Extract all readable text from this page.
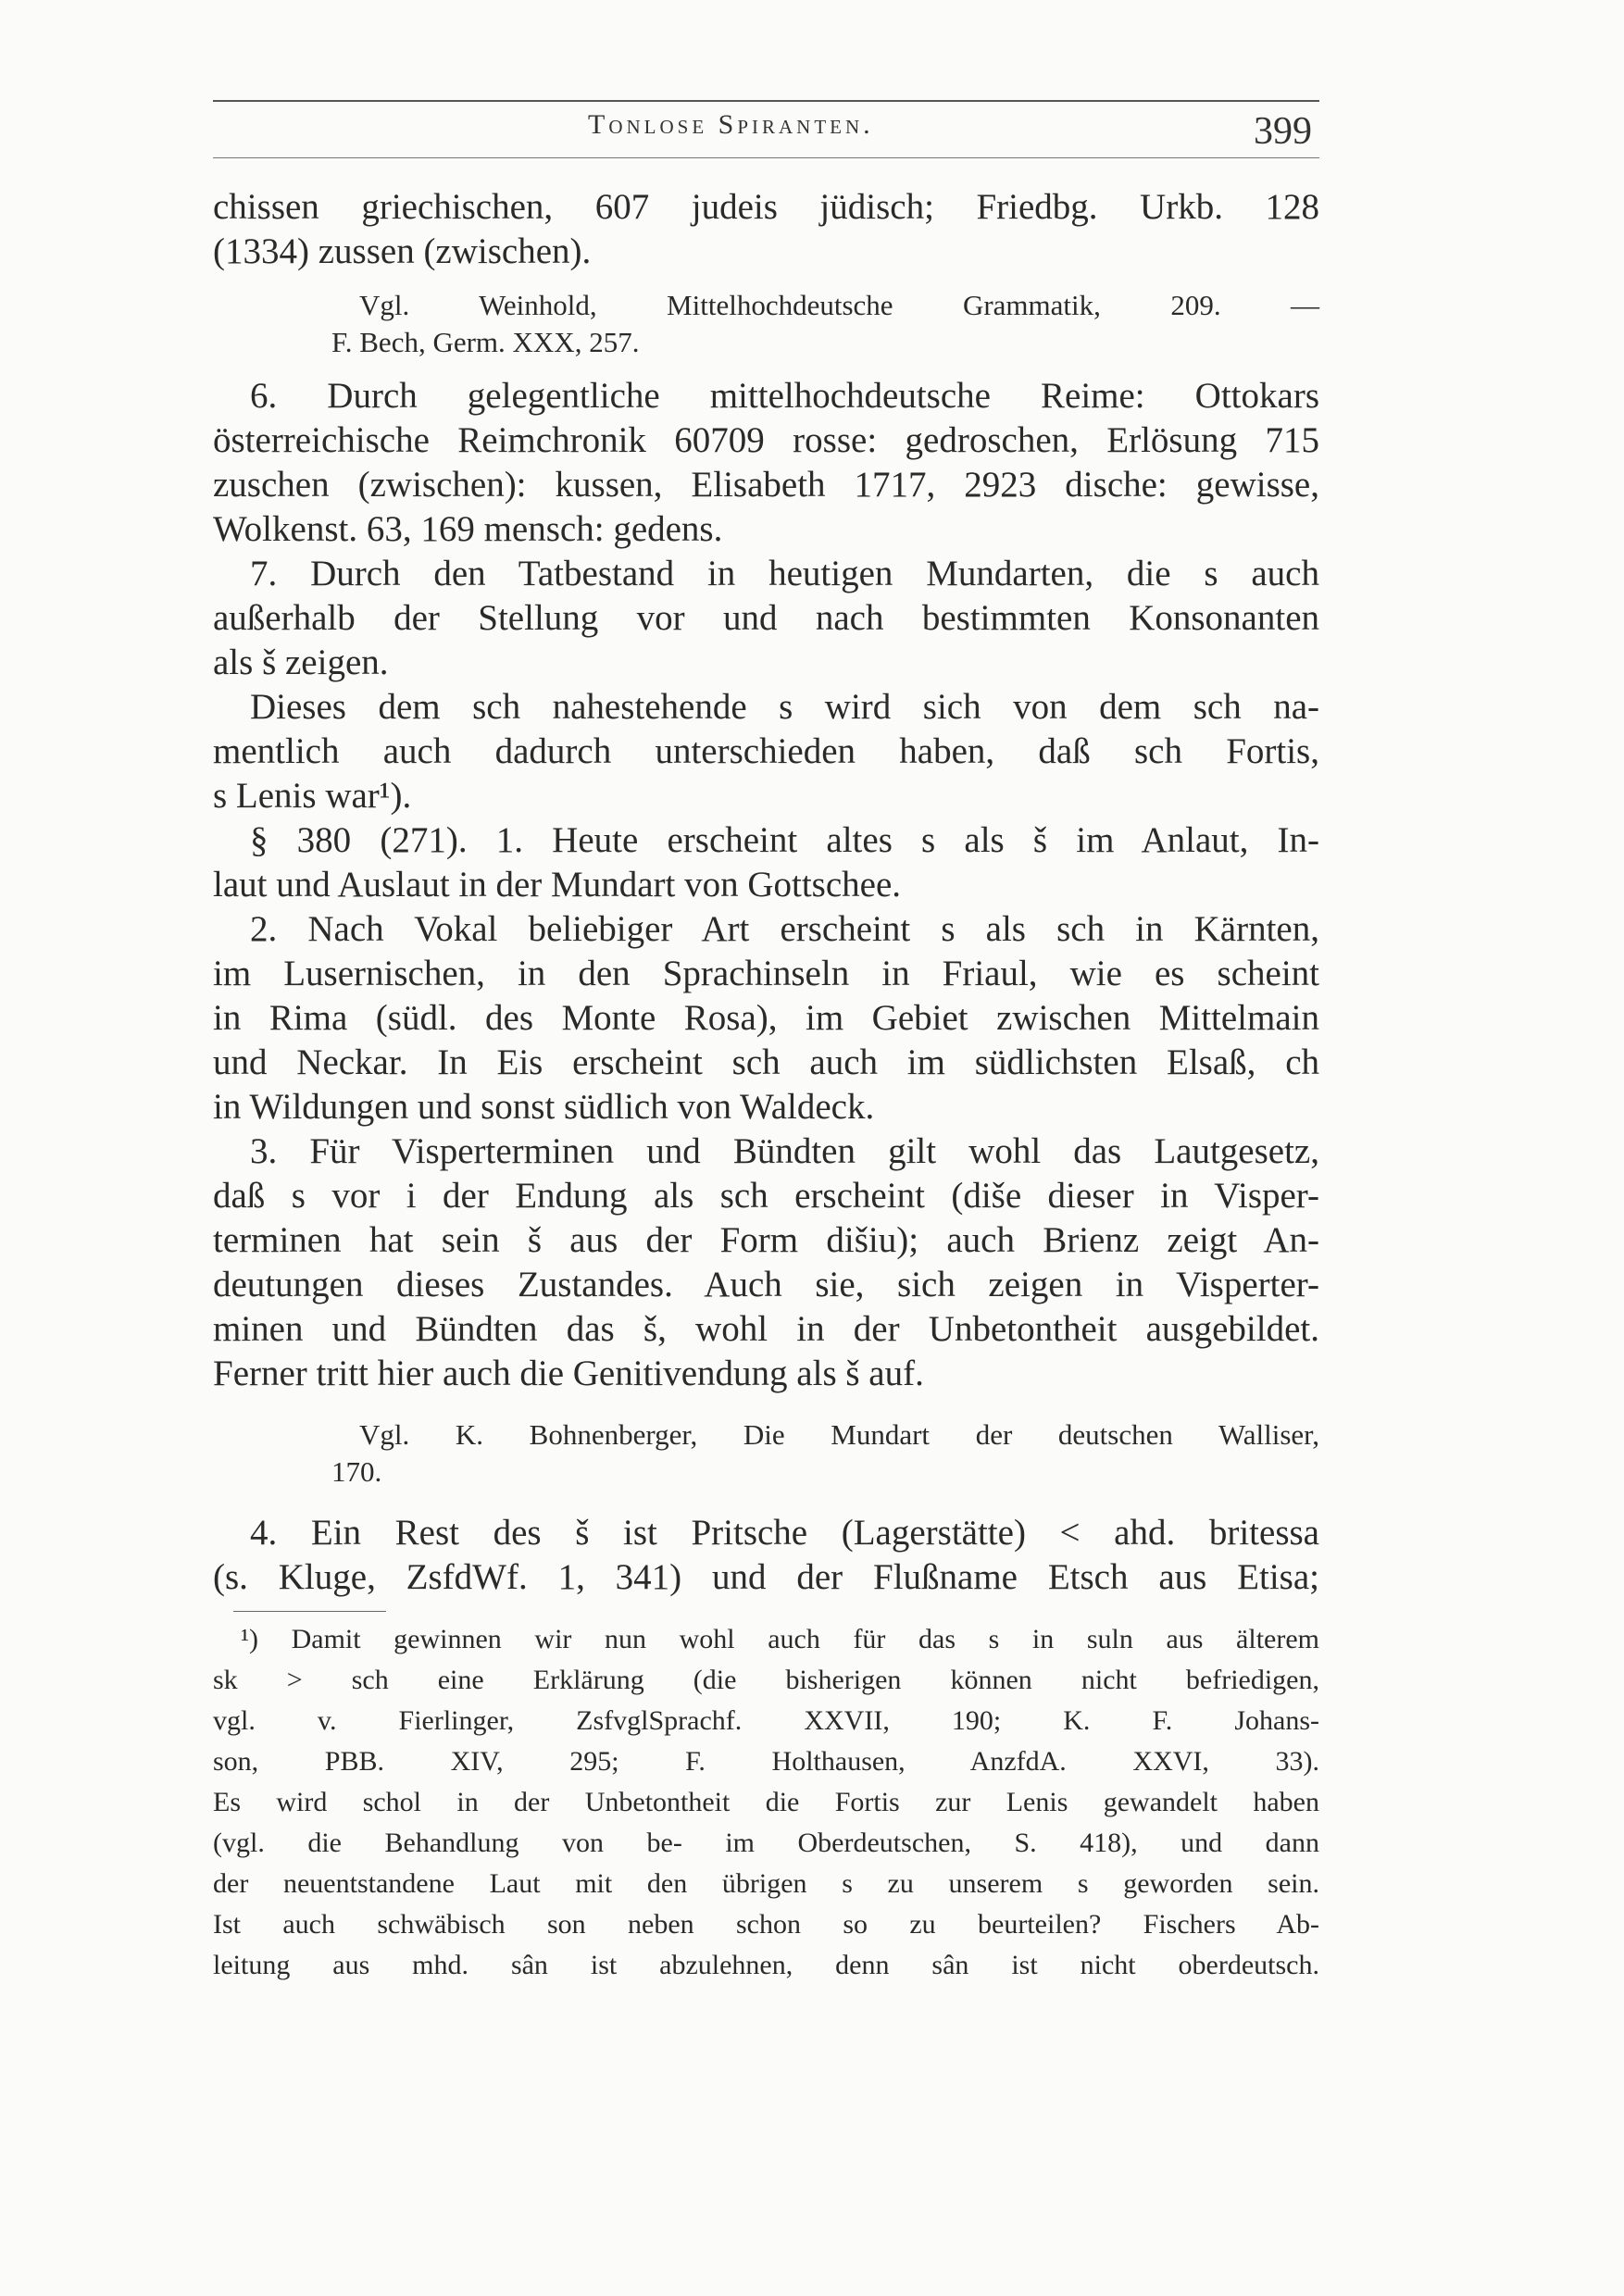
Tonlose Spiranten.	399
chissen griechischen, 607 judeis jüdisch; Friedbg. Urkb. 128
(1334) zussen (zwischen).
Vgl. Weinhold, Mittelhochdeutsche Grammatik, 209. —
F. Bech, Germ. XXX, 257.
6. Durch gelegentliche mittelhochdeutsche Reime: Ottokars
österreichische Reimchronik 60709 rosse: gedroschen, Erlösung 715
zuschen (zwischen): kussen, Elisabeth 1717, 2923 dische: gewisse,
Wolkenst. 63, 169 mensch: gedens.
7. Durch den Tatbestand in heutigen Mundarten, die s auch
außerhalb der Stellung vor und nach bestimmten Konsonanten
als š zeigen.
Dieses dem sch nahestehende s wird sich von dem sch na-
mentlich auch dadurch unterschieden haben, daß sch Fortis,
s Lenis war¹).
§ 380 (271). 1. Heute erscheint altes s als š im Anlaut, In-
laut und Auslaut in der Mundart von Gottschee.
2. Nach Vokal beliebiger Art erscheint s als sch in Kärnten,
im Lusernischen, in den Sprachinseln in Friaul, wie es scheint
in Rima (südl. des Monte Rosa), im Gebiet zwischen Mittelmain
und Neckar. In Eis erscheint sch auch im südlichsten Elsaß, ch
in Wildungen und sonst südlich von Waldeck.
3. Für Visperterminen und Bündten gilt wohl das Lautgesetz,
daß s vor i der Endung als sch erscheint (diše dieser in Visper-
terminen hat sein š aus der Form dišiu); auch Brienz zeigt An-
deutungen dieses Zustandes. Auch sie, sich zeigen in Visperter-
minen und Bündten das š, wohl in der Unbetontheit ausgebildet.
Ferner tritt hier auch die Genitivendung als š auf.
Vgl. K. Bohnenberger, Die Mundart der deutschen Walliser,
170.
4. Ein Rest des š ist Pritsche (Lagerstätte) < ahd. britessa
(s. Kluge, ZsfdWf. 1, 341) und der Flußname Etsch aus Etisa;
¹) Damit gewinnen wir nun wohl auch für das s in suln aus älterem
sk > sch eine Erklärung (die bisherigen können nicht befriedigen,
vgl. v. Fierlinger, ZsfvglSprachf. XXVII, 190; K. F. Johans-
son, PBB. XIV, 295; F. Holthausen, AnzfdA. XXVI, 33).
Es wird schol in der Unbetontheit die Fortis zur Lenis gewandelt haben
(vgl. die Behandlung von be- im Oberdeutschen, S. 418), und dann
der neuentstandene Laut mit den übrigen s zu unserem s geworden sein.
Ist auch schwäbisch son neben schon so zu beurteilen? Fischers Ab-
leitung aus mhd. sân ist abzulehnen, denn sân ist nicht oberdeutsch.
